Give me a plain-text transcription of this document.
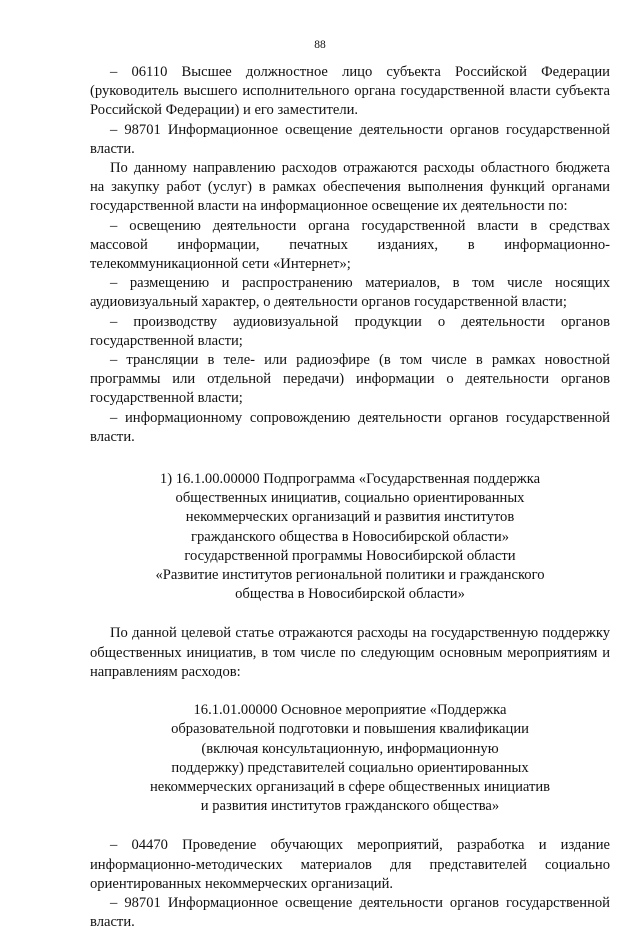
88

– 06110 Высшее должностное лицо субъекта Российской Федерации (руководитель высшего исполнительного органа государственной власти субъекта Российской Федерации) и его заместители.

– 98701 Информационное освещение деятельности органов государственной власти.

По данному направлению расходов отражаются расходы областного бюджета на закупку работ (услуг) в рамках обеспечения выполнения функций органами государственной власти на информационное освещение их деятельности по:

– освещению деятельности органа государственной власти в средствах массовой информации, печатных изданиях, в информационно-телекоммуникационной сети «Интернет»;

– размещению и распространению материалов, в том числе носящих аудиовизуальный характер, о деятельности органов государственной власти;

– производству аудиовизуальной продукции о деятельности органов государственной власти;

– трансляции в теле- или радиоэфире (в том числе в рамках новостной программы или отдельной передачи) информации о деятельности органов государственной власти;

– информационному сопровождению деятельности органов государственной власти.

1) 16.1.00.00000 Подпрограмма «Государственная поддержка
общественных инициатив, социально ориентированных
некоммерческих организаций и развития институтов
гражданского общества в Новосибирской области»
государственной программы Новосибирской области
«Развитие институтов региональной политики и гражданского
общества в Новосибирской области»

По данной целевой статье отражаются расходы на государственную поддержку общественных инициатив, в том числе по следующим основным мероприятиям и направлениям расходов:

16.1.01.00000 Основное мероприятие «Поддержка
образовательной подготовки и повышения квалификации
(включая консультационную, информационную
поддержку) представителей социально ориентированных
некоммерческих организаций в сфере общественных инициатив
и развития институтов гражданского общества»

– 04470 Проведение обучающих мероприятий, разработка и издание информационно-методических материалов для представителей социально ориентированных некоммерческих организаций.

– 98701 Информационное освещение деятельности органов государственной власти.
